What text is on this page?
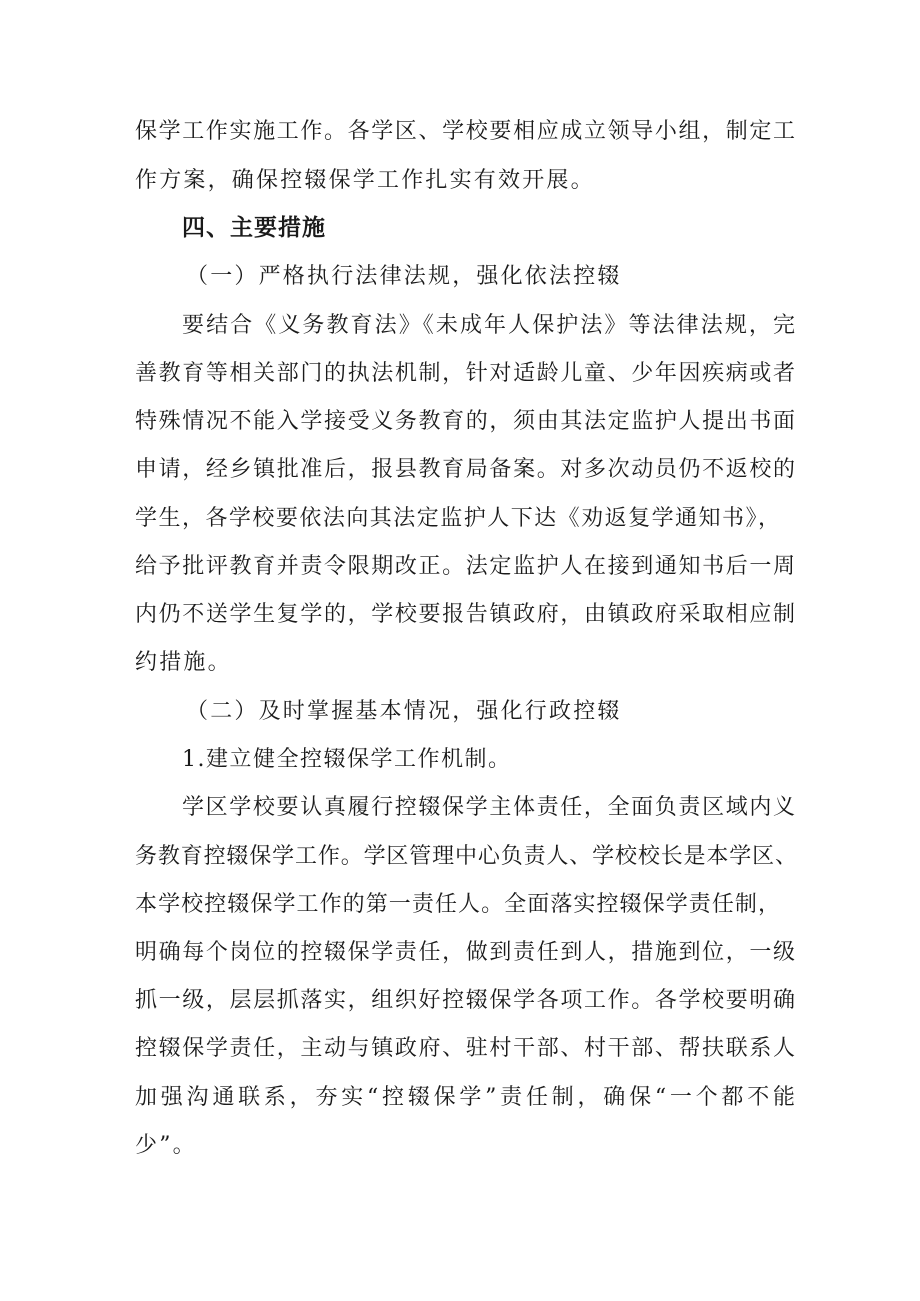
保学工作实施工作。各学区、学校要相应成立领导小组，制定工
作方案，确保控辍保学工作扎实有效开展。
四、主要措施
（一）严格执行法律法规，强化依法控辍
要结合《义务教育法》《未成年人保护法》等法律法规，完
善教育等相关部门的执法机制，针对适龄儿童、少年因疾病或者
特殊情况不能入学接受义务教育的，须由其法定监护人提出书面
申请，经乡镇批准后，报县教育局备案。对多次动员仍不返校的
学生，各学校要依法向其法定监护人下达《劝返复学通知书》，
给予批评教育并责令限期改正。法定监护人在接到通知书后一周
内仍不送学生复学的，学校要报告镇政府，由镇政府采取相应制
约措施。
（二）及时掌握基本情况，强化行政控辍
1.建立健全控辍保学工作机制。
学区学校要认真履行控辍保学主体责任，全面负责区域内义
务教育控辍保学工作。学区管理中心负责人、学校校长是本学区、
本学校控辍保学工作的第一责任人。全面落实控辍保学责任制，
明确每个岗位的控辍保学责任，做到责任到人，措施到位，一级
抓一级，层层抓落实，组织好控辍保学各项工作。各学校要明确
控辍保学责任，主动与镇政府、驻村干部、村干部、帮扶联系人
加强沟通联系，夯实“控辍保学”责任制，确保“一个都不能
少”。
